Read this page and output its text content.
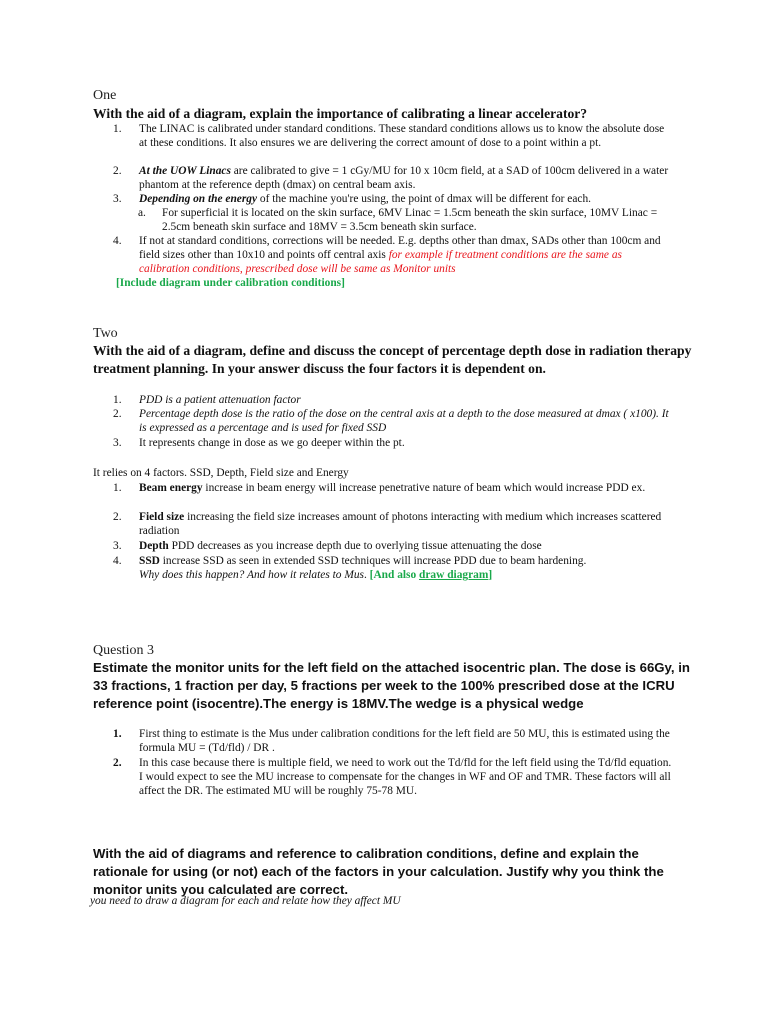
One
With the aid of a diagram, explain the importance of calibrating a linear accelerator?
1. The LINAC is calibrated under standard conditions. These standard conditions allows us to know the absolute dose at these conditions. It also ensures we are delivering the correct amount of dose to a point within a pt.
2. At the UOW Linacs are calibrated to give = 1 cGy/MU for 10 x 10cm field, at a SAD of 100cm delivered in a water phantom at the reference depth (dmax) on central beam axis.
3. Depending on the energy of the machine you're using, the point of dmax will be different for each.
a. For superficial it is located on the skin surface, 6MV Linac = 1.5cm beneath the skin surface, 10MV Linac = 2.5cm beneath skin surface and 18MV = 3.5cm beneath skin surface.
4. If not at standard conditions, corrections will be needed. E.g. depths other than dmax, SADs other than 100cm and field sizes other than 10x10 and points off central axis for example if treatment conditions are the same as calibration conditions, prescribed dose will be same as Monitor units
[Include diagram under calibration conditions]
Two
With the aid of a diagram, define and discuss the concept of percentage depth dose in radiation therapy treatment planning. In your answer discuss the four factors it is dependent on.
1. PDD is a patient attenuation factor
2. Percentage depth dose is the ratio of the dose on the central axis at a depth to the dose measured at dmax ( x100). It is expressed as a percentage and is used for fixed SSD
3. It represents change in dose as we go deeper within the pt.
It relies on 4 factors. SSD, Depth, Field size and Energy
1. Beam energy increase in beam energy will increase penetrative nature of beam which would increase PDD ex.
2. Field size increasing the field size increases amount of photons interacting with medium which increases scattered radiation
3. Depth PDD decreases as you increase depth due to overlying tissue attenuating the dose
4. SSD increase SSD as seen in extended SSD techniques will increase PDD due to beam hardening.
Why does this happen? And how it relates to Mus. [And also draw diagram]
Question 3
Estimate the monitor units for the left field on the attached isocentric plan. The dose is 66Gy, in 33 fractions, 1 fraction per day, 5 fractions per week to the 100% prescribed dose at the ICRU reference point (isocentre).The energy is 18MV.The wedge is a physical wedge
1. First thing to estimate is the Mus under calibration conditions for the left field are 50 MU, this is estimated using the formula MU = (Td/fld) / DR .
2. In this case because there is multiple field, we need to work out the Td/fld for the left field using the Td/fld equation. I would expect to see the MU increase to compensate for the changes in WF and OF and TMR. These factors will all affect the DR. The estimated MU will be roughly 75-78 MU.
With the aid of diagrams and reference to calibration conditions, define and explain the rationale for using (or not) each of the factors in your calculation. Justify why you think the monitor units you calculated are correct.
you need to draw a diagram for each and relate how they affect MU
